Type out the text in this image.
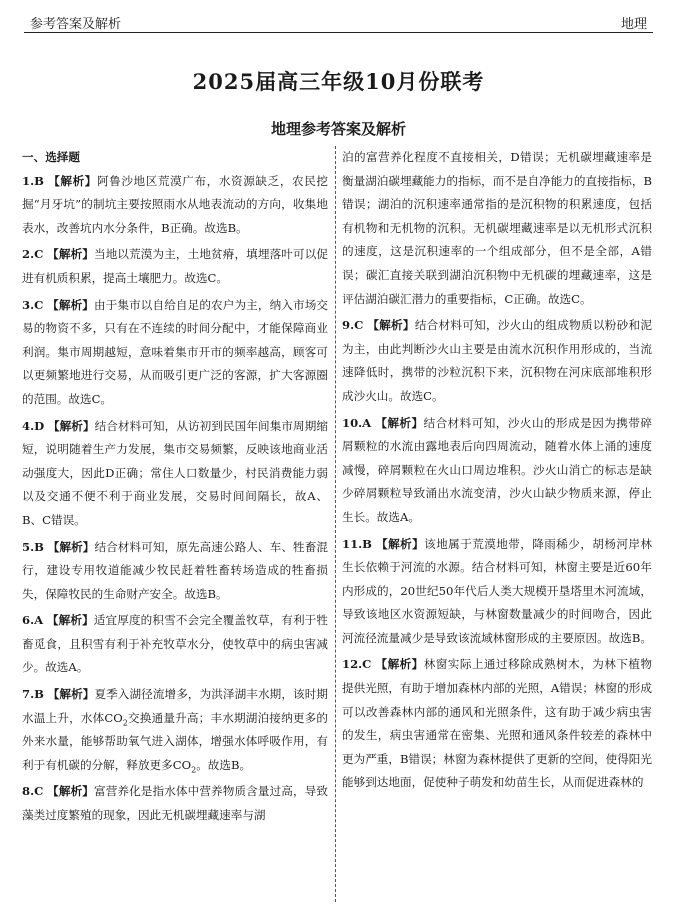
参考答案及解析	地理
2025届高三年级10月份联考
地理参考答案及解析
一、选择题
1.B 【解析】阿鲁沙地区荒漠广布，水资源缺乏，农民挖掘“月牙坑”的制坑主要按照雨水从地表流动的方向，收集地表水，改善坑内水分条件，B正确。故选B。
2.C 【解析】当地以荒漠为主，土地贫瘠，填埋落叶可以促进有机质积累，提高土壤肥力。故选C。
3.C 【解析】由于集市以自给自足的农户为主，纳入市场交易的物资不多，只有在不连续的时间分配中，才能保障商业利润。集市周期越短，意味着集市开市的频率越高，顾客可以更频繁地进行交易，从而吸引更广泛的客源，扩大客源圈的范围。故选C。
4.D 【解析】结合材料可知，从访初到民国年间集市周期缩短，说明随着生产力发展，集市交易频繁，反映该地商业活动强度大，因此D正确；常住人口数量少，村民消费能力弱以及交通不便不利于商业发展，交易时间间隔长，故A、B、C错误。
5.B 【解析】结合材料可知，原先高速公路人、车、牲畜混行，建设专用牧道能减少牧民赶着牲畜转场造成的牲畜损失，保障牧民的生命财产安全。故选B。
6.A 【解析】适宜厚度的积雪不会完全覆盖牧草，有利于牲畜觅食，且积雪有利于补充牧草水分，使牧草中的病虫害减少。故选A。
7.B 【解析】夏季入湖径流增多，为洪泽湖丰水期，该时期水温上升，水体$CO_2$交换通量升高；丰水期湖泊接纳更多的外来水量，能够帮助氧气进入湖体，增强水体呼吸作用，有利于有机碳的分解，释放更多$CO_2$。故选B。
8.C 【解析】富营养化是指水体中营养物质含量过高，导致藻类过度繁殖的现象，因此无机碳埋藏速率与湖
泊的富营养化程度不直接相关，D错误；无机碳埋藏速率是衡量湖泊碳埋藏能力的指标，而不是自净能力的直接指标，B错误；湖泊的沉积速率通常指的是沉积物的积累速度，包括有机物和无机物的沉积。无机碳埋藏速率是以无机形式沉积的速度，这是沉积速率的一个组成部分，但不是全部，A错误；碳汇直接关联到湖泊沉积物中无机碳的埋藏速率，这是评估湖泊碳汇潜力的重要指标，C正确。故选C。
9.C 【解析】结合材料可知，沙火山的组成物质以粉砂和泥为主，由此判断沙火山主要是由流水沉积作用形成的，当流速降低时，携带的沙粒沉积下来，沉积物在河床底部堆积形成沙火山。故选C。
10.A 【解析】结合材料可知，沙火山的形成是因为携带碎屑颗粒的水流由露地表后向四周流动，随着水体上涌的速度减慢，碎屑颗粒在火山口周边堆积。沙火山消亡的标志是缺少碎屑颗粒导致涌出水流变清，沙火山缺少物质来源，停止生长。故选A。
11.B 【解析】该地属于荒漠地带，降雨稀少，胡杨河岸林生长依赖于河流的水源。结合材料可知，林窗主要是近60年内形成的，20世纪50年代后人类大规模开垦塔里木河流域，导致该地区水资源短缺，与林窗数量减少的时间吻合，因此河流径流量减少是导致该流域林窗形成的主要原因。故选B。
12.C 【解析】林窗实际上通过移除成熟树木，为林下植物提供光照，有助于增加森林内部的光照，A错误；林窗的形成可以改善森林内部的通风和光照条件，这有助于减少病虫害的发生，病虫害通常在密集、光照和通风条件较差的森林中更为严重，B错误；林窗为森林提供了更新的空间，使得阳光能够到达地面，促使种子萌发和幼苗生长，从而促进森林的
